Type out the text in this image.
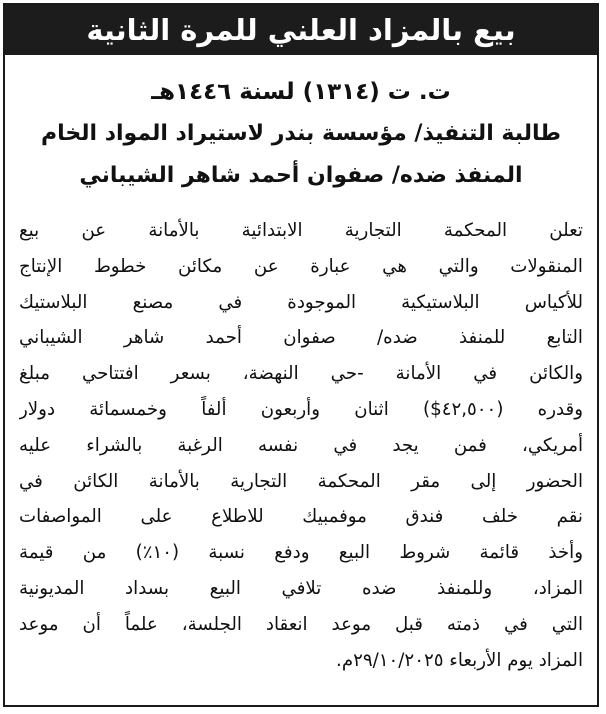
بيع بالمزاد العلني للمرة الثانية
ت. ت (١٣١٤) لسنة ١٤٤٦هـ
طالبة التنفيذ/ مؤسسة بندر لاستيراد المواد الخام
المنفذ ضده/ صفوان أحمد شاهر الشيباني
تعلن المحكمة التجارية الابتدائية بالأمانة عن بيع
المنقولات والتي هي عبارة عن مكائن خطوط الإنتاج
للأكياس البلاستيكية الموجودة في مصنع البلاستيك
التابع للمنفذ ضده/ صفوان أحمد شاهر الشيباني
والكائن في الأمانة -حي النهضة، بسعر افتتاحي مبلغ
وقدره (٤٢,٥٠٠$) اثنان وأربعون ألفاً وخمسمائة دولار
أمريكي، فمن يجد في نفسه الرغبة بالشراء عليه
الحضور إلى مقر المحكمة التجارية بالأمانة الكائن في
نقم خلف فندق موفمبيك للاطلاع على المواصفات
وأخذ قائمة شروط البيع ودفع نسبة (١٠٪) من قيمة
المزاد، وللمنفذ ضده تلافي البيع بسداد المديونية
التي في ذمته قبل موعد انعقاد الجلسة، علماً أن موعد
المزاد يوم الأربعاء ٢٩/١٠/٢٠٢٥م.
